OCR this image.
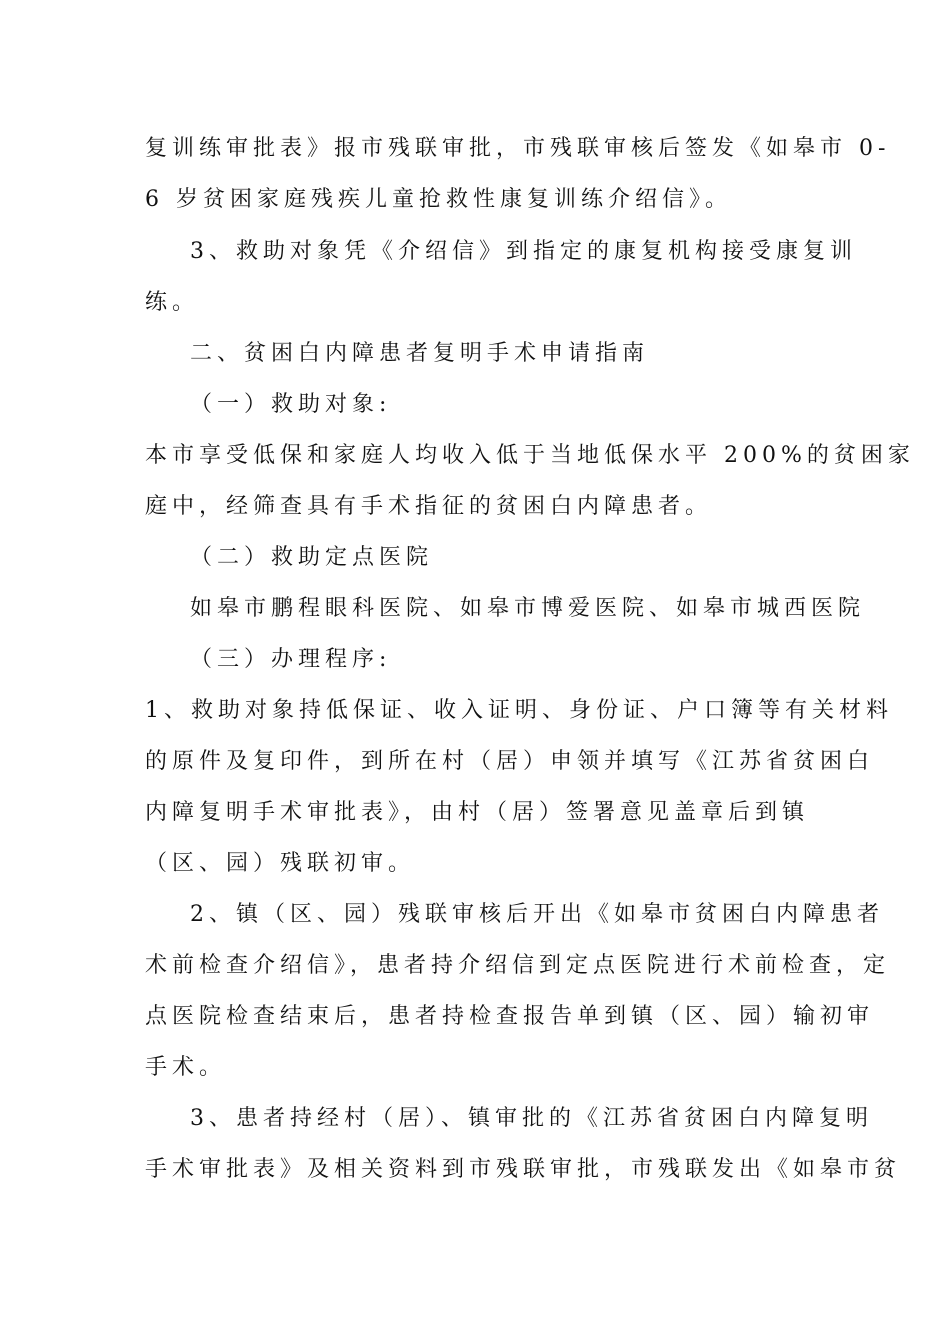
复训练审批表》报市残联审批，市残联审核后签发《如皋市 0-
6 岁贫困家庭残疾儿童抢救性康复训练介绍信》。
3、救助对象凭《介绍信》到指定的康复机构接受康复训
练。
二、贫困白内障患者复明手术申请指南
（一）救助对象:
本市享受低保和家庭人均收入低于当地低保水平 200%的贫困家
庭中，经筛查具有手术指征的贫困白内障患者。
（二）救助定点医院
如皋市鹏程眼科医院、如皋市博爱医院、如皋市城西医院
（三）办理程序:
1、救助对象持低保证、收入证明、身份证、户口簿等有关材料
的原件及复印件，到所在村（居）申领并填写《江苏省贫困白
内障复明手术审批表》，由村（居）签署意见盖章后到镇
（区、园）残联初审。
2、镇（区、园）残联审核后开出《如皋市贫困白内障患者
术前检查介绍信》，患者持介绍信到定点医院进行术前检查，定
点医院检查结束后，患者持检查报告单到镇（区、园）输初审
手术。
3、患者持经村（居）、镇审批的《江苏省贫困白内障复明
手术审批表》及相关资料到市残联审批，市残联发出《如皋市贫
